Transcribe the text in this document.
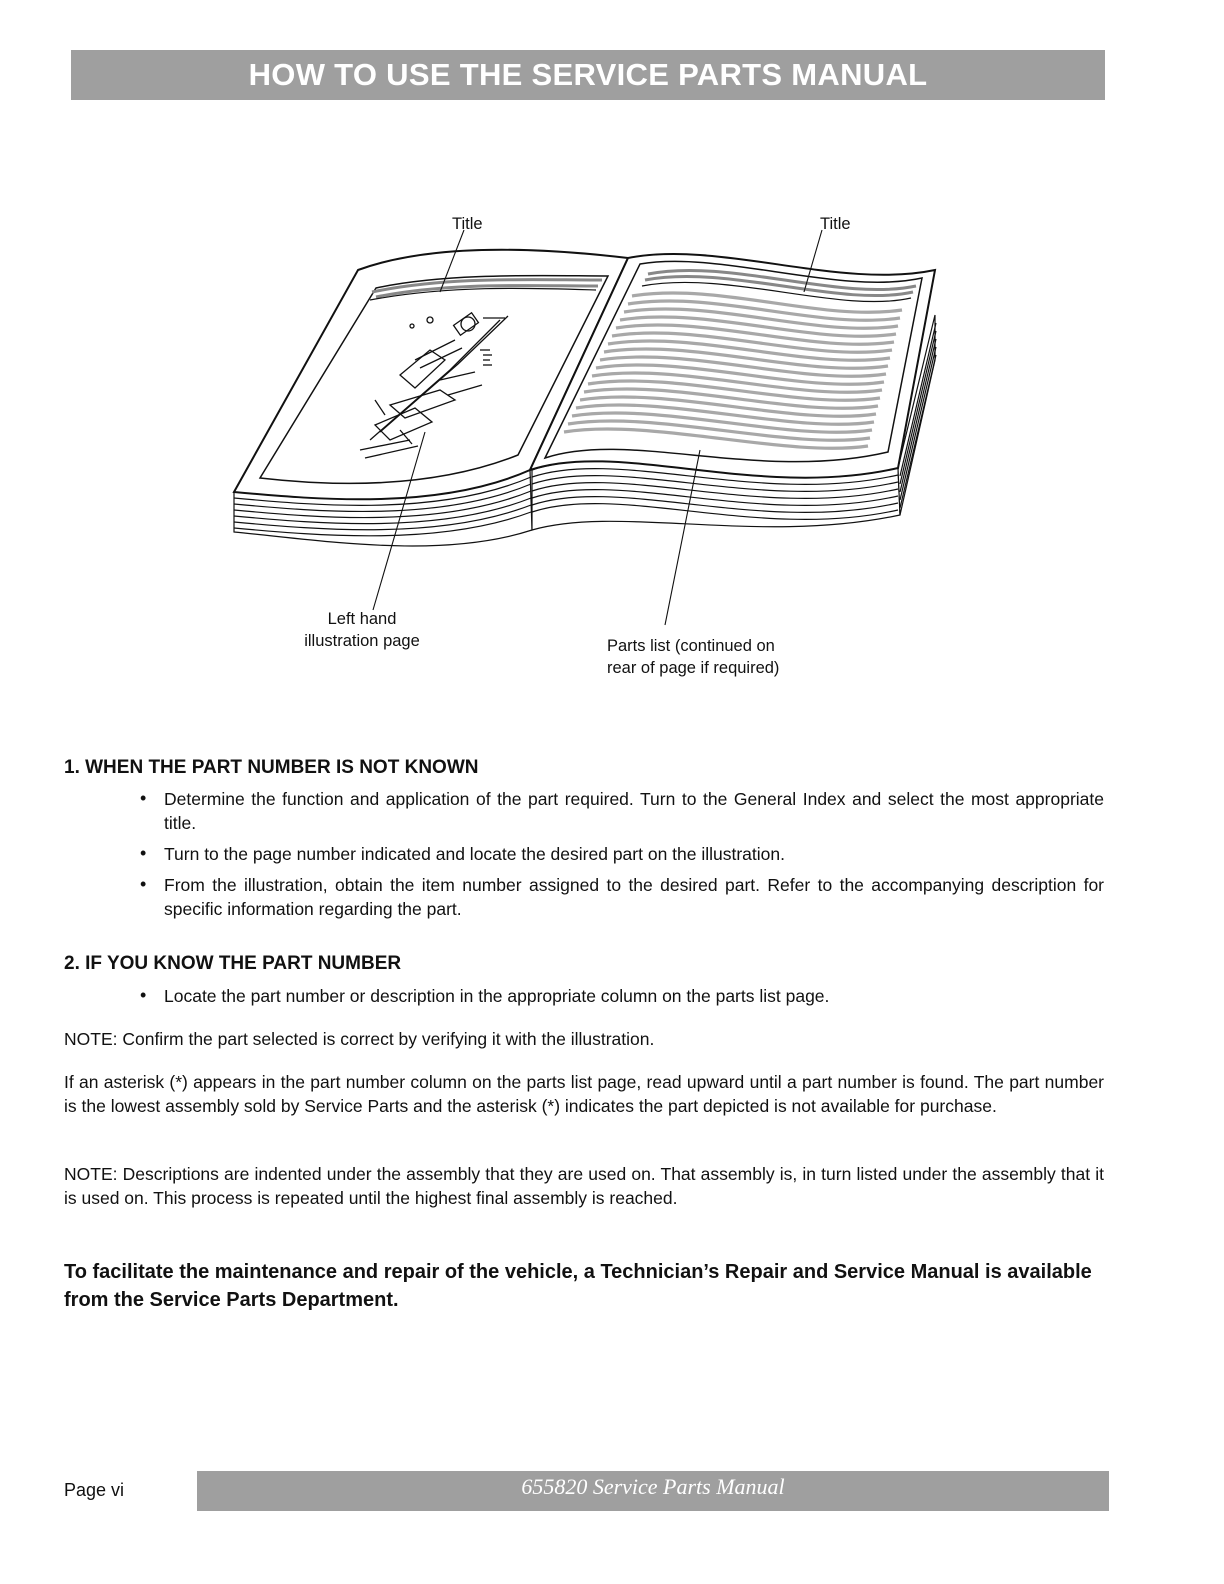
HOW TO USE THE SERVICE PARTS MANUAL
Title	Title
Left hand
illustration page	Parts list (continued on
rear of page if required)
1. WHEN THE PART NUMBER IS NOT KNOWN
• Determine the function and application of the part required. Turn to the General Index and select the most appropriate title.
• Turn to the page number indicated and locate the desired part on the illustration.
• From the illustration, obtain the item number assigned to the desired part. Refer to the accompanying description for specific information regarding the part.
2. IF YOU KNOW THE PART NUMBER
• Locate the part number or description in the appropriate column on the parts list page.

NOTE: Confirm the part selected is correct by verifying it with the illustration.

If an asterisk (*) appears in the part number column on the parts list page, read upward until a part number is found. The part number is the lowest assembly sold by Service Parts and the asterisk (*) indicates the part depicted is not available for purchase.

NOTE: Descriptions are indented under the assembly that they are used on. That assembly is, in turn listed under the assembly that it is used on. This process is repeated until the highest final assembly is reached.

To facilitate the maintenance and repair of the vehicle, a Technician’s Repair and Service Manual is available from the Service Parts Department.

Page vi	655820 Service Parts Manual
